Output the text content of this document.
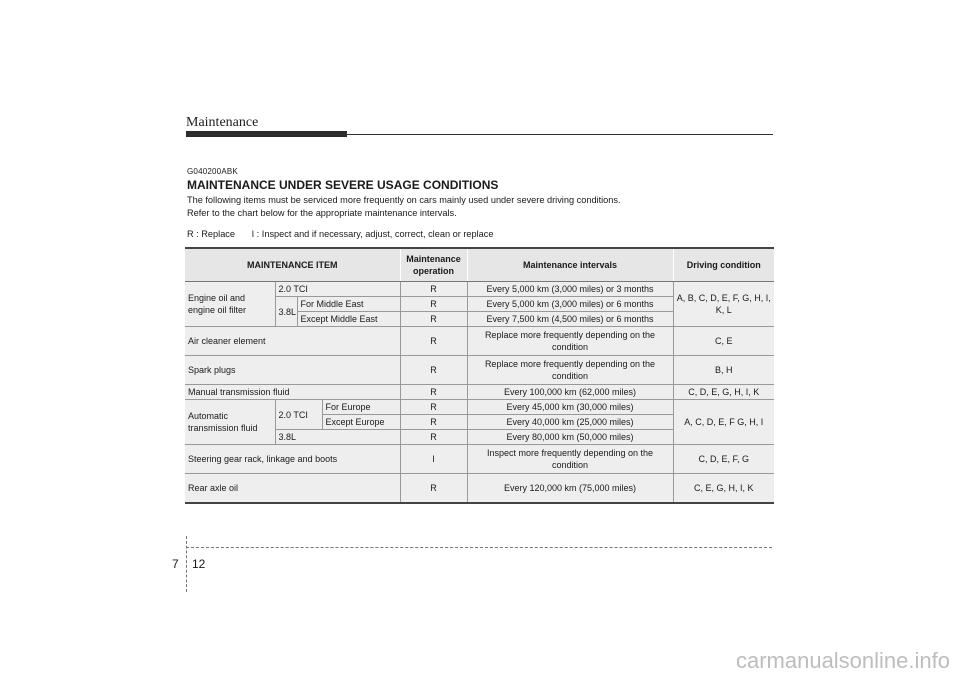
Maintenance
G040200ABK
MAINTENANCE UNDER SEVERE USAGE CONDITIONS
The following items must be serviced more frequently on cars mainly used under severe driving conditions.
Refer to the chart below for the appropriate maintenance intervals.
R : Replace I : Inspect and if necessary, adjust, correct, clean or replace
MAINTENANCE ITEM				Maintenance operation	Maintenance intervals	Driving condition
Engine oil and engine oil filter	2.0 TCI			R	Every 5,000 km (3,000 miles) or 3 months	A, B, C, D, E, F, G, H, I, K, L
	3.8L	For Middle East		R	Every 5,000 km (3,000 miles) or 6 months	
		Except Middle East		R	Every 7,500 km (4,500 miles) or 6 months	
Air cleaner element				R	Replace more frequently depending on the condition	C, E
Spark plugs				R	Replace more frequently depending on the condition	B, H
Manual transmission fluid				R	Every 100,000 km (62,000 miles)	C, D, E, G, H, I, K
Automatic transmission fluid	2.0 TCI		For Europe	R	Every 45,000 km (30,000 miles)	A, C, D, E, F G, H, I
			Except Europe	R	Every 40,000 km (25,000 miles)	
	3.8L			R	Every 80,000 km (50,000 miles)	
Steering gear rack, linkage and boots				I	Inspect more frequently depending on the condition	C, D, E, F, G
Rear axle oil				R	Every 120,000 km (75,000 miles)	C, E, G, H, I, K
7 12
carmanualsonline.info
